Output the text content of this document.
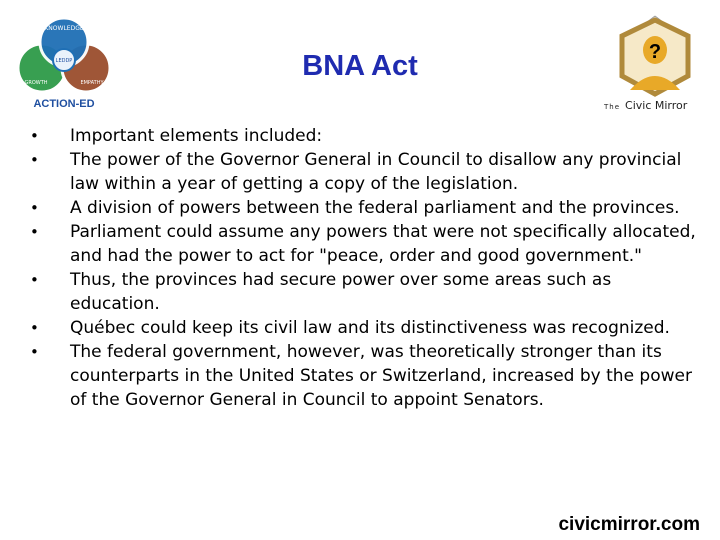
KNOWLEDGE
LEDDP
GROWTH	EMPATHY
ACTION-ED
BNA Act	?
The Civic Mirror
• Important elements included:
• The power of the Governor General in Council to disallow any provincial law within a year of getting a copy of the legislation.
• A division of powers between the federal parliament and the provinces.
• Parliament could assume any powers that were not specifically allocated, and had the power to act for "peace, order and good government."
• Thus, the provinces had secure power over some areas such as education.
• Québec could keep its civil law and its distinctiveness was recognized.
• The federal government, however, was theoretically stronger than its counterparts in the United States or Switzerland, increased by the power of the Governor General in Council to appoint Senators.
civicmirror.com
